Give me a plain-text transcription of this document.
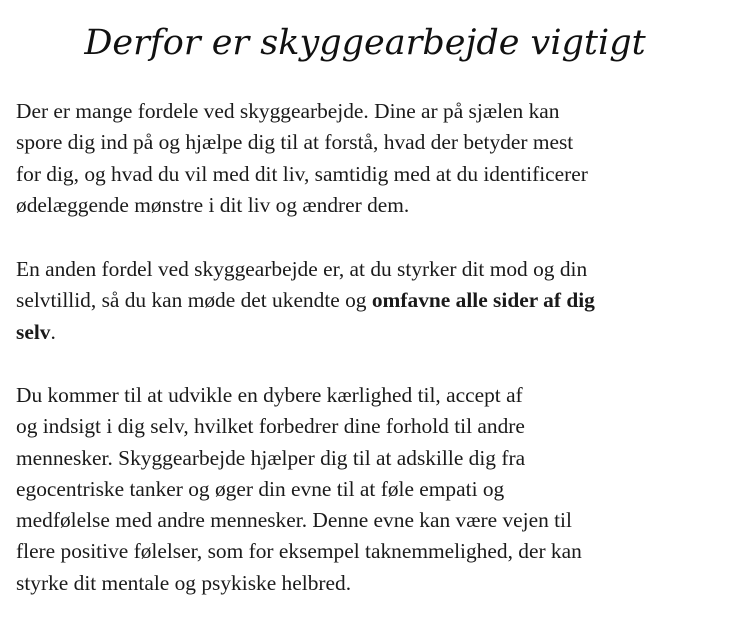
Derfor er skyggearbejde vigtigt

Der er mange fordele ved skyggearbejde. Dine ar på sjælen kan
spore dig ind på og hjælpe dig til at forstå, hvad der betyder mest
for dig, og hvad du vil med dit liv, samtidig med at du identificerer
ødelæggende mønstre i dit liv og ændrer dem.

En anden fordel ved skyggearbejde er, at du styrker dit mod og din
selvtillid, så du kan møde det ukendte og omfavne alle sider af dig
selv.

Du kommer til at udvikle en dybere kærlighed til, accept af
og indsigt i dig selv, hvilket forbedrer dine forhold til andre
mennesker. Skyggearbejde hjælper dig til at adskille dig fra
egocentriske tanker og øger din evne til at føle empati og
medfølelse med andre mennesker. Denne evne kan være vejen til
flere positive følelser, som for eksempel taknemmelighed, der kan
styrke dit mentale og psykiske helbred.
